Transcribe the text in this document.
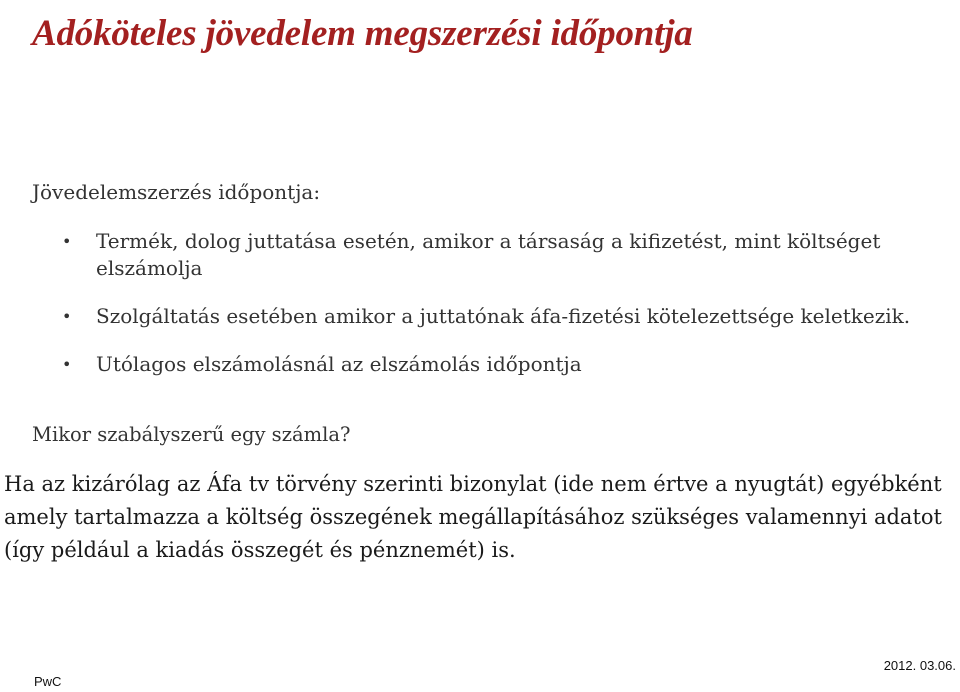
Adóköteles jövedelem megszerzési időpontja
Jövedelemszerzés időpontja:
•	Termék, dolog juttatása esetén, amikor a társaság a kifizetést, mint költséget elszámolja
•	Szolgáltatás esetében amikor a juttatónak áfa-fizetési kötelezettsége keletkezik.
•	Utólagos elszámolásnál az elszámolás időpontja
Mikor szabályszerű egy számla?
Ha az kizárólag az Áfa tv törvény szerinti bizonylat (ide nem értve a nyugtát) egyébként amely tartalmazza a költség összegének megállapításához szükséges valamennyi adatot (így például a kiadás összegét és pénznemét) is.
PwC
2012. 03.06.
